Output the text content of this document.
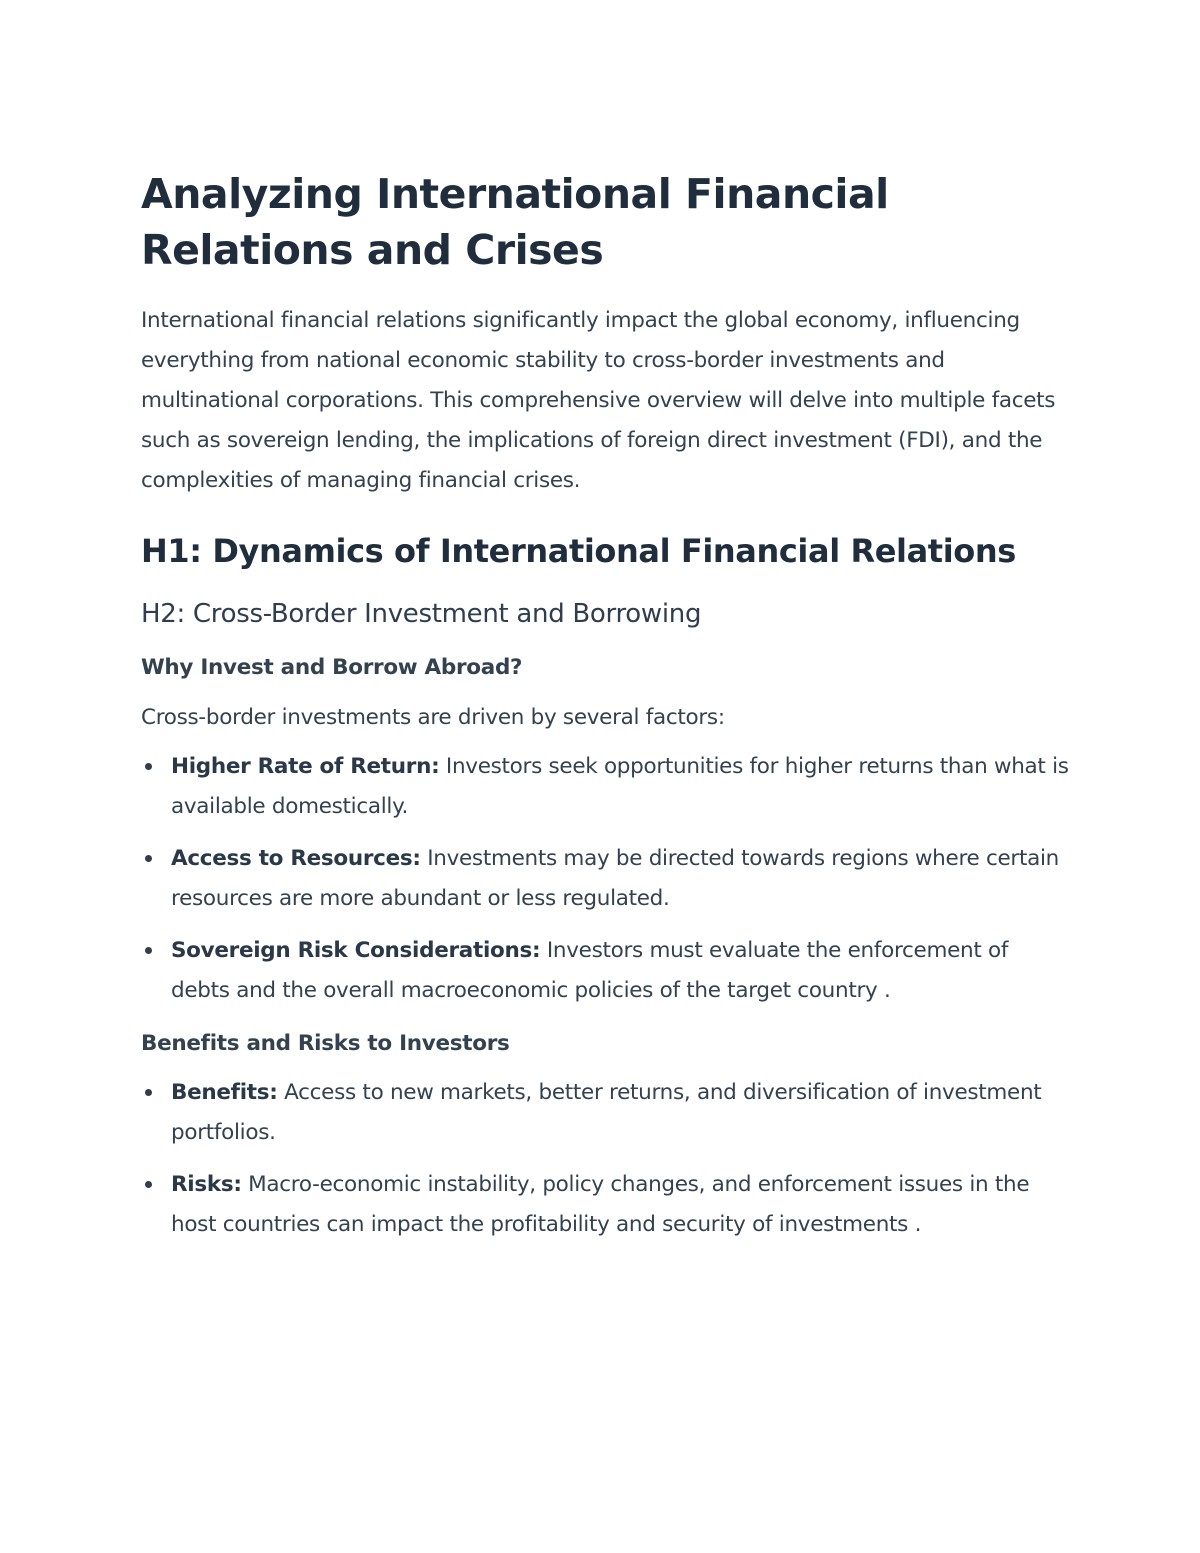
Analyzing International Financial Relations and Crises

International financial relations significantly impact the global economy, influencing everything from national economic stability to cross-border investments and multinational corporations. This comprehensive overview will delve into multiple facets such as sovereign lending, the implications of foreign direct investment (FDI), and the complexities of managing financial crises.

H1: Dynamics of International Financial Relations
H2: Cross-Border Investment and Borrowing
Why Invest and Borrow Abroad?

Cross-border investments are driven by several factors:

Higher Rate of Return: Investors seek opportunities for higher returns than what is available domestically.
Access to Resources: Investments may be directed towards regions where certain resources are more abundant or less regulated.
Sovereign Risk Considerations: Investors must evaluate the enforcement of debts and the overall macroeconomic policies of the target country .
Benefits and Risks to Investors
Benefits: Access to new markets, better returns, and diversification of investment portfolios.
Risks: Macro-economic instability, policy changes, and enforcement issues in the host countries can impact the profitability and security of investments .
